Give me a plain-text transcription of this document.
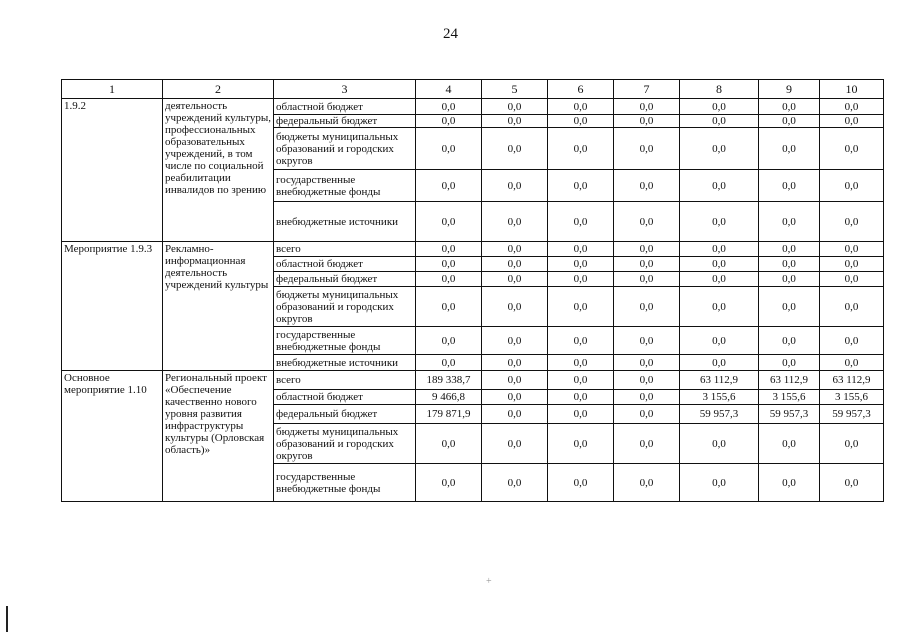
24
1	2	3	4	5	6	7	8	9	10
1.9.2	деятельность учреждений культуры, профессиональных образовательных учреждений, в том числе по социальной реабилитации инвалидов по зрению	областной бюджет	0,0	0,0	0,0	0,0	0,0	0,0	0,0
		федеральный бюджет	0,0	0,0	0,0	0,0	0,0	0,0	0,0
		бюджеты муниципальных образований и городских округов	0,0	0,0	0,0	0,0	0,0	0,0	0,0
		государственные внебюджетные фонды	0,0	0,0	0,0	0,0	0,0	0,0	0,0
		внебюджетные источники	0,0	0,0	0,0	0,0	0,0	0,0	0,0
Мероприятие 1.9.3	Рекламно-информационная деятельность учреждений культуры	всего	0,0	0,0	0,0	0,0	0,0	0,0	0,0
		областной бюджет	0,0	0,0	0,0	0,0	0,0	0,0	0,0
		федеральный бюджет	0,0	0,0	0,0	0,0	0,0	0,0	0,0
		бюджеты муниципальных образований и городских округов	0,0	0,0	0,0	0,0	0,0	0,0	0,0
		государственные внебюджетные фонды	0,0	0,0	0,0	0,0	0,0	0,0	0,0
		внебюджетные источники	0,0	0,0	0,0	0,0	0,0	0,0	0,0
Основное мероприятие 1.10	Региональный проект «Обеспечение качественно нового уровня развития инфраструктуры культуры (Орловская область)»	всего	189 338,7	0,0	0,0	0,0	63 112,9	63 112,9	63 112,9
		областной бюджет	9 466,8	0,0	0,0	0,0	3 155,6	3 155,6	3 155,6
		федеральный бюджет	179 871,9	0,0	0,0	0,0	59 957,3	59 957,3	59 957,3
		бюджеты муниципальных образований и городских округов	0,0	0,0	0,0	0,0	0,0	0,0	0,0
		государственные внебюджетные фонды	0,0	0,0	0,0	0,0	0,0	0,0	0,0
+
